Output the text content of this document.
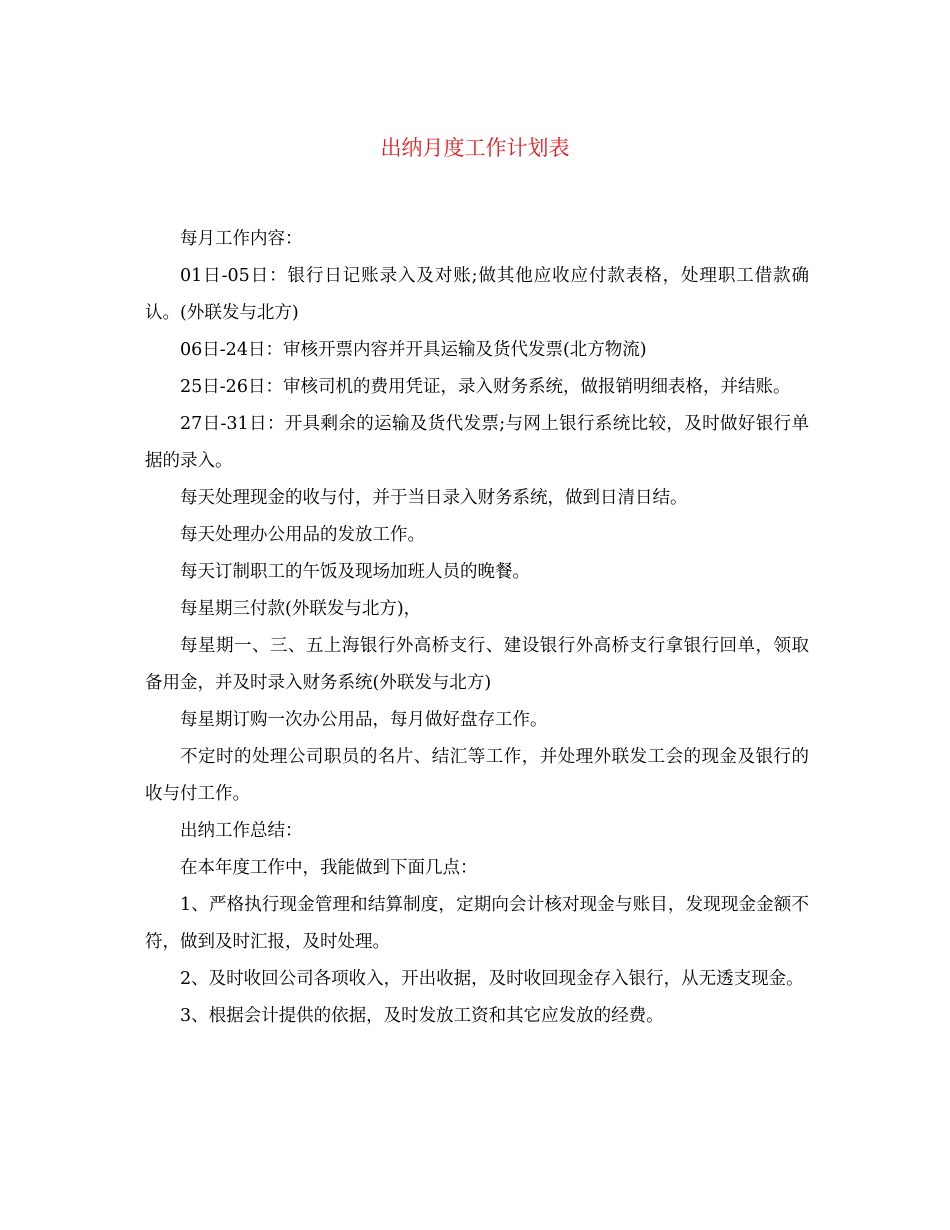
出纳月度工作计划表

每月工作内容：

01日-05日：银行日记账录入及对账;做其他应收应付款表格，处理职工借款确认。(外联发与北方)

06日-24日：审核开票内容并开具运输及货代发票(北方物流)

25日-26日：审核司机的费用凭证，录入财务系统，做报销明细表格，并结账。

27日-31日：开具剩余的运输及货代发票;与网上银行系统比较，及时做好银行单据的录入。

每天处理现金的收与付，并于当日录入财务系统，做到日清日结。

每天处理办公用品的发放工作。

每天订制职工的午饭及现场加班人员的晚餐。

每星期三付款(外联发与北方)，

每星期一、三、五上海银行外高桥支行、建设银行外高桥支行拿银行回单，领取备用金，并及时录入财务系统(外联发与北方)

每星期订购一次办公用品，每月做好盘存工作。

不定时的处理公司职员的名片、结汇等工作，并处理外联发工会的现金及银行的收与付工作。

出纳工作总结：

在本年度工作中，我能做到下面几点：

1、严格执行现金管理和结算制度，定期向会计核对现金与账目，发现现金金额不符，做到及时汇报，及时处理。

2、及时收回公司各项收入，开出收据，及时收回现金存入银行，从无透支现金。

3、根据会计提供的依据，及时发放工资和其它应发放的经费。
